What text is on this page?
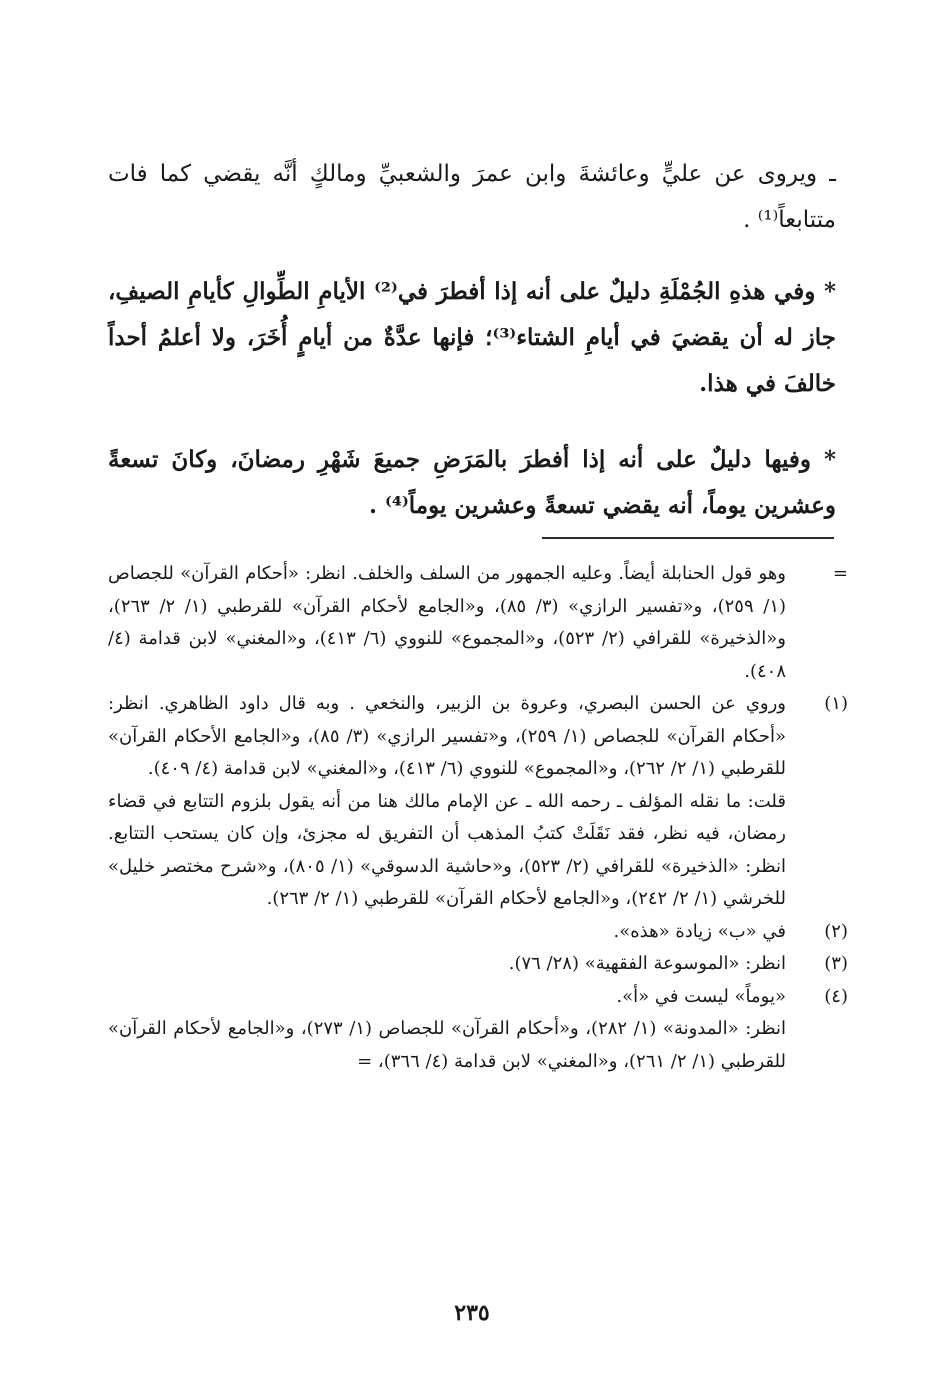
ـ ويروى عن عليٍّ وعائشةَ وابن عمرَ والشعبيِّ ومالكٍ أنَّه يقضي كما فات متتابعاً⁽¹⁾ .

* وفي هذهِ الجُمْلَةِ دليلٌ على أنه إذا أفطرَ في⁽²⁾ الأيامِ الطِّوالِ كأيامِ الصيفِ، جاز له أن يقضيَ في أيامِ الشتاء⁽³⁾؛ فإنها عدَّةٌ من أيامٍ أُخَرَ، ولا أعلمُ أحداً خالفَ في هذا.

* وفيها دليلٌ على أنه إذا أفطرَ بالمَرَضِ جميعَ شَهْرِ رمضانَ، وكانَ تسعةً وعشرين يوماً، أنه يقضي تسعةً وعشرين يوماً⁽⁴⁾ .

=
وهو قول الحنابلة أيضاً. وعليه الجمهور من السلف والخلف. انظر: «أحكام القرآن» للجصاص (١/ ٢٥٩)، و«تفسير الرازي» (٣/ ٨٥)، و«الجامع لأحكام القرآن» للقرطبي (١/ ٢/ ٢٦٣)، و«الذخيرة» للقرافي (٢/ ٥٢٣)، و«المجموع» للنووي (٦/ ٤١٣)، و«المغني» لابن قدامة (٤/ ٤٠٨).
(١)
وروي عن الحسن البصري، وعروة بن الزبير، والنخعي . وبه قال داود الظاهري. انظر: «أحكام القرآن» للجصاص (١/ ٢٥٩)، و«تفسير الرازي» (٣/ ٨٥)، و«الجامع الأحكام القرآن» للقرطبي (١/ ٢/ ٢٦٢)، و«المجموع» للنووي (٦/ ٤١٣)، و«المغني» لابن قدامة (٤/ ٤٠٩).
قلت: ما نقله المؤلف ـ رحمه الله ـ عن الإمام مالك هنا من أنه يقول بلزوم التتابع في قضاء رمضان، فيه نظر، فقد نَقَلَتْ كتبُ المذهب أن التفريق له مجزئ، وإن كان يستحب التتابع. انظر: «الذخيرة» للقرافي (٢/ ٥٢٣)، و«حاشية الدسوقي» (١/ ٨٠٥)، و«شرح مختصر خليل» للخرشي (١/ ٢/ ٢٤٢)، و«الجامع لأحكام القرآن» للقرطبي (١/ ٢/ ٢٦٣).
(٢)
في «ب» زيادة «هذه».
(٣)
انظر: «الموسوعة الفقهية» (٢٨/ ٧٦).
(٤)
«يوماً» ليست في «أ».
انظر: «المدونة» (١/ ٢٨٢)، و«أحكام القرآن» للجصاص (١/ ٢٧٣)، و«الجامع لأحكام القرآن» للقرطبي (١/ ٢/ ٢٦١)، و«المغني» لابن قدامة (٤/ ٣٦٦)، =
٢٣٥
